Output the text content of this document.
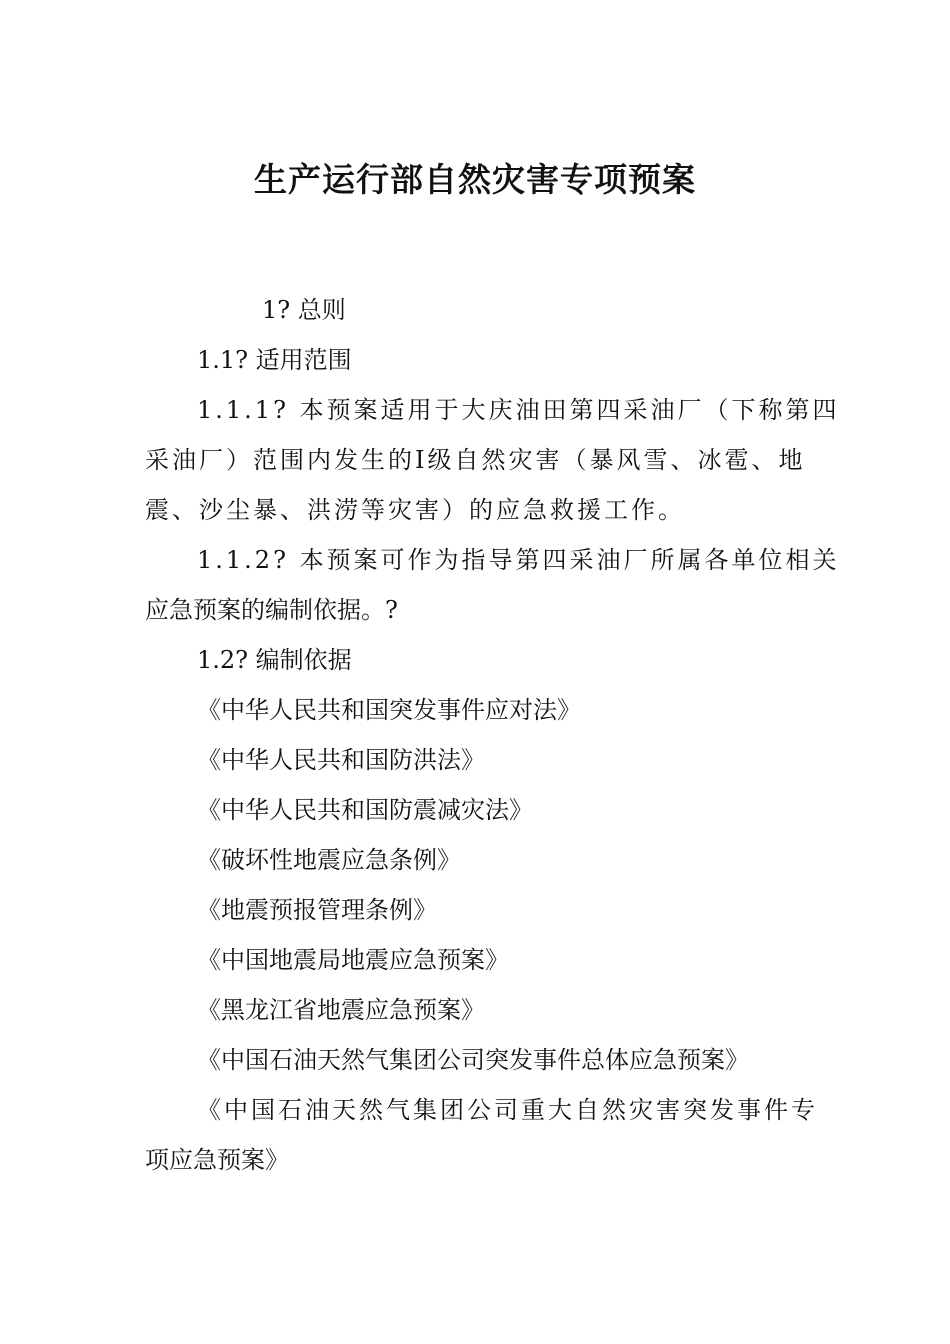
生产运行部自然灾害专项预案
1? 总则
1.1? 适用范围
1.1.1? 本预案适用于大庆油田第四采油厂（下称第四
采油厂）范围内发生的Ⅰ级自然灾害（暴风雪、冰雹、地
震、沙尘暴、洪涝等灾害）的应急救援工作。
1.1.2? 本预案可作为指导第四采油厂所属各单位相关
应急预案的编制依据。?
1.2? 编制依据
《中华人民共和国突发事件应对法》
《中华人民共和国防洪法》
《中华人民共和国防震减灾法》
《破坏性地震应急条例》
《地震预报管理条例》
《中国地震局地震应急预案》
《黑龙江省地震应急预案》
《中国石油天然气集团公司突发事件总体应急预案》
《中国石油天然气集团公司重大自然灾害突发事件专
项应急预案》
